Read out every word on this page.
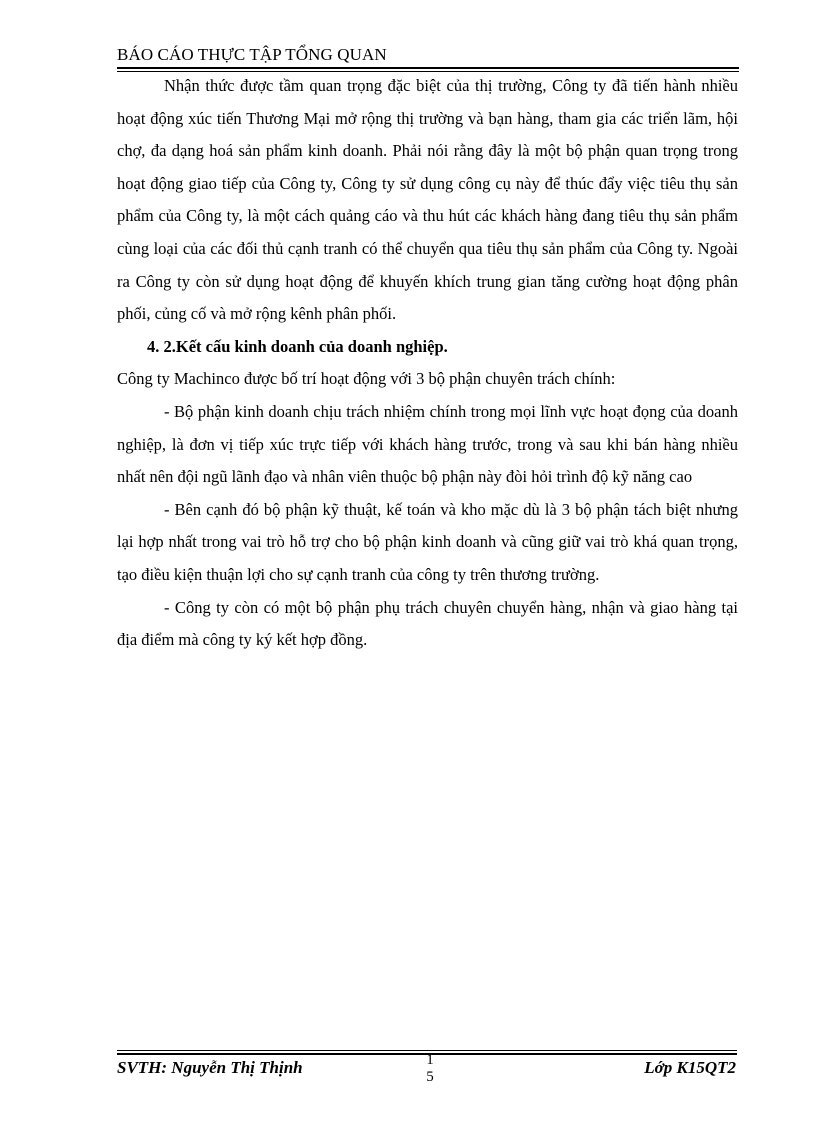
BÁO CÁO THỰC TẬP TỔNG QUAN

Nhận thức được tầm quan trọng đặc biệt của thị trường, Công ty đã tiến hành nhiều hoạt động xúc tiến Thương Mại mở rộng thị trường và bạn hàng, tham gia các triển lãm, hội chợ, đa dạng hoá sản phẩm kinh doanh. Phải nói rằng đây là một bộ phận quan trọng trong hoạt động giao tiếp của Công ty, Công ty sử dụng công cụ này để thúc đẩy việc tiêu thụ sản phẩm của Công ty, là một cách quảng cáo và thu hút các khách hàng đang tiêu thụ sản phẩm cùng loại của các đối thủ cạnh tranh có thể chuyển qua tiêu thụ sản phẩm của Công ty. Ngoài ra Công ty còn sử dụng hoạt động để khuyến khích trung gian tăng cường hoạt động phân phối, củng cố và mở rộng kênh phân phối.

4. 2.Kết cấu kinh doanh của doanh nghiệp.

Công ty Machinco được bố trí hoạt động với 3 bộ phận chuyên trách chính:

- Bộ phận kinh doanh chịu trách nhiệm chính trong mọi lĩnh vực hoạt đọng của doanh nghiệp, là đơn vị tiếp xúc trực tiếp với khách hàng trước, trong và sau khi bán hàng nhiều nhất nên đội ngũ lãnh đạo và nhân viên thuộc bộ phận này đòi hỏi trình độ kỹ năng cao

- Bên cạnh đó bộ phận kỹ thuật, kế toán và kho mặc dù là 3 bộ phận tách biệt nhưng lại hợp nhất trong vai trò hỗ trợ cho bộ phận kinh doanh và cũng giữ vai trò khá quan trọng, tạo điều kiện thuận lợi cho sự cạnh tranh của công ty trên thương trường.

- Công ty còn có một bộ phận phụ trách chuyên chuyển hàng, nhận và giao hàng tại địa điểm mà công ty ký kết hợp đồng.

SVTH: Nguyễn Thị Thịnh	1
5	Lớp K15QT2
